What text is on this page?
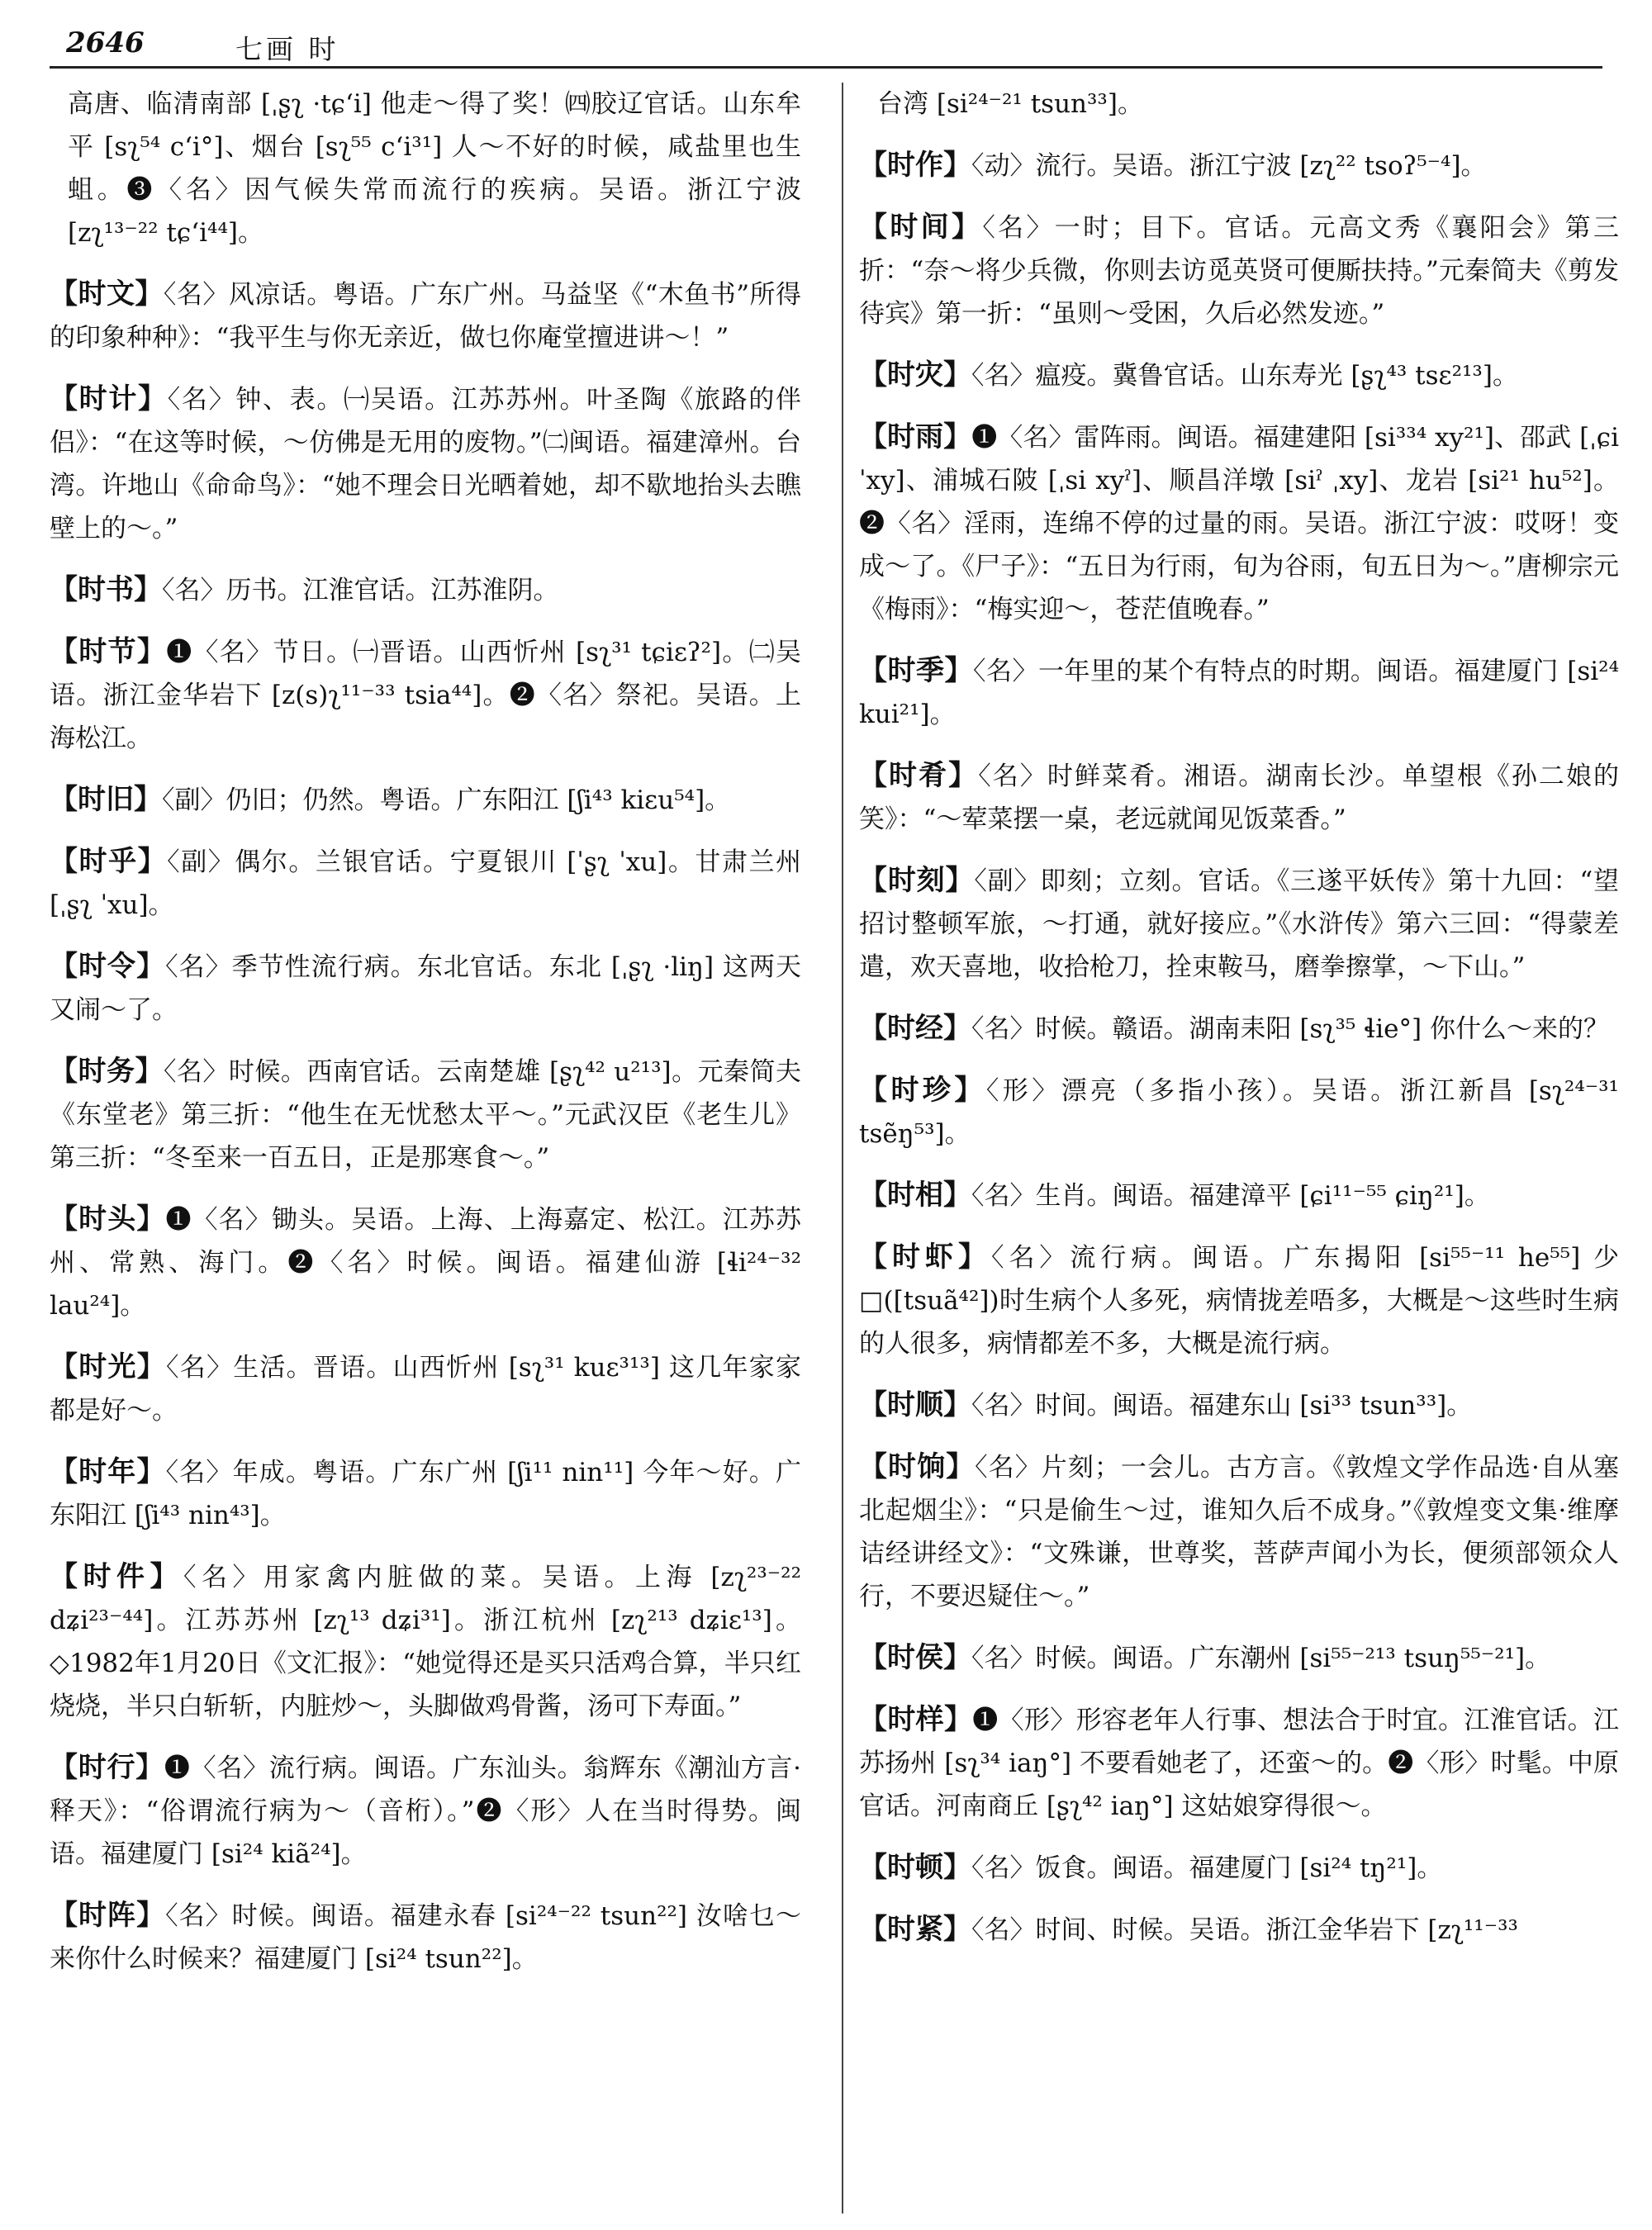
2646	七画 时

高唐、临清南部 [ˌʂʅ ·tɕʻi] 他走～得了奖！㈣胶辽官话。山东牟平 [sʅ⁵⁴ cʻi°]、烟台 [sʅ⁵⁵ cʻi³¹] 人～不好的时候，咸盐里也生蛆。❸〈名〉因气候失常而流行的疾病。吴语。浙江宁波 [zʅ¹³⁻²² tɕʻi⁴⁴]。

【时文】〈名〉风凉话。粤语。广东广州。马益坚《“木鱼书”所得的印象种种》：“我平生与你无亲近，做乜你庵堂擅进讲～！”

【时计】〈名〉钟、表。㈠吴语。江苏苏州。叶圣陶《旅路的伴侣》：“在这等时候，～仿佛是无用的废物。”㈡闽语。福建漳州。台湾。许地山《命命鸟》：“她不理会日光晒着她，却不歇地抬头去瞧壁上的～。”

【时书】〈名〉历书。江淮官话。江苏淮阴。

【时节】❶〈名〉节日。㈠晋语。山西忻州 [sʅ³¹ tɕiɛʔ²]。㈡吴语。浙江金华岩下 [z(s)ʅ¹¹⁻³³ tsia⁴⁴]。❷〈名〉祭祀。吴语。上海松江。

【时旧】〈副〉仍旧；仍然。粤语。广东阳江 [ʃi⁴³ kiɛu⁵⁴]。

【时乎】〈副〉偶尔。兰银官话。宁夏银川 [ˈʂʅ ˈxu]。甘肃兰州 [ˌʂʅ ˈxu]。

【时令】〈名〉季节性流行病。东北官话。东北 [ˌʂʅ ·liŋ] 这两天又闹～了。

【时务】〈名〉时候。西南官话。云南楚雄 [ʂʅ⁴² u²¹³]。元秦简夫《东堂老》第三折：“他生在无忧愁太平～。”元武汉臣《老生儿》第三折：“冬至来一百五日，正是那寒食～。”

【时头】❶〈名〉锄头。吴语。上海、上海嘉定、松江。江苏苏州、常熟、海门。❷〈名〉时候。闽语。福建仙游 [ɬi²⁴⁻³² lau²⁴]。

【时光】〈名〉生活。晋语。山西忻州 [sʅ³¹ kuɛ³¹³] 这几年家家都是好～。

【时年】〈名〉年成。粤语。广东广州 [ʃi¹¹ nin¹¹] 今年～好。广东阳江 [ʃi⁴³ nin⁴³]。

【时件】〈名〉用家禽内脏做的菜。吴语。上海 [zʅ²³⁻²² dʑi²³⁻⁴⁴]。江苏苏州 [zʅ¹³ dʑi³¹]。浙江杭州 [zʅ²¹³ dʑiɛ¹³]。◇1982年1月20日《文汇报》：“她觉得还是买只活鸡合算，半只红烧烧，半只白斩斩，内脏炒～，头脚做鸡骨酱，汤可下寿面。”

【时行】❶〈名〉流行病。闽语。广东汕头。翁辉东《潮汕方言·释天》：“俗谓流行病为～（音桁）。”❷〈形〉人在当时得势。闽语。福建厦门 [si²⁴ kiã²⁴]。

【时阵】〈名〉时候。闽语。福建永春 [si²⁴⁻²² tsun²²] 汝啥乜～来你什么时候来？福建厦门 [si²⁴ tsun²²]。

台湾 [si²⁴⁻²¹ tsun³³]。

【时作】〈动〉流行。吴语。浙江宁波 [zʅ²² tsoʔ⁵⁻⁴]。

【时间】〈名〉一时；目下。官话。元高文秀《襄阳会》第三折：“奈～将少兵微，你则去访觅英贤可便厮扶持。”元秦简夫《剪发待宾》第一折：“虽则～受困，久后必然发迹。”

【时灾】〈名〉瘟疫。冀鲁官话。山东寿光 [ʂʅ⁴³ tsɛ²¹³]。

【时雨】❶〈名〉雷阵雨。闽语。福建建阳 [si³³⁴ xy²¹]、邵武 [ˌɕi ˈxy]、浦城石陂 [ˌsi xyˀ]、顺昌洋墩 [siˀ ˌxy]、龙岩 [si²¹ hu⁵²]。❷〈名〉淫雨，连绵不停的过量的雨。吴语。浙江宁波：哎呀！变成～了。《尸子》：“五日为行雨，旬为谷雨，旬五日为～。”唐柳宗元《梅雨》：“梅实迎～，苍茫值晚春。”

【时季】〈名〉一年里的某个有特点的时期。闽语。福建厦门 [si²⁴ kui²¹]。

【时肴】〈名〉时鲜菜肴。湘语。湖南长沙。单望根《孙二娘的笑》：“～荤菜摆一桌，老远就闻见饭菜香。”

【时刻】〈副〉即刻；立刻。官话。《三遂平妖传》第十九回：“望招讨整顿军旅，～打通，就好接应。”《水浒传》第六三回：“得蒙差遣，欢天喜地，收拾枪刀，拴束鞍马，磨拳擦掌，～下山。”

【时经】〈名〉时候。赣语。湖南耒阳 [sʅ³⁵ ɬie°] 你什么～来的？

【时珍】〈形〉漂亮（多指小孩）。吴语。浙江新昌 [sʅ²⁴⁻³¹ tsẽŋ⁵³]。

【时相】〈名〉生肖。闽语。福建漳平 [ɕi¹¹⁻⁵⁵ ɕiŋ²¹]。

【时虾】〈名〉流行病。闽语。广东揭阳 [si⁵⁵⁻¹¹ he⁵⁵] 少□([tsuã⁴²])时生病个人多死，病情拢差唔多，大概是～这些时生病的人很多，病情都差不多，大概是流行病。

【时顺】〈名〉时间。闽语。福建东山 [si³³ tsun³³]。

【时饷】〈名〉片刻；一会儿。古方言。《敦煌文学作品选·自从塞北起烟尘》：“只是偷生～过，谁知久后不成身。”《敦煌变文集·维摩诘经讲经文》：“文殊谦，世尊奖，菩萨声闻小为长，便须部领众人行，不要迟疑住～。”

【时侯】〈名〉时候。闽语。广东潮州 [si⁵⁵⁻²¹³ tsuŋ⁵⁵⁻²¹]。

【时样】❶〈形〉形容老年人行事、想法合于时宜。江淮官话。江苏扬州 [sʅ³⁴ iaŋ°] 不要看她老了，还蛮～的。❷〈形〉时髦。中原官话。河南商丘 [ʂʅ⁴² iaŋ°] 这姑娘穿得很～。

【时顿】〈名〉饭食。闽语。福建厦门 [si²⁴ tŋ²¹]。

【时紧】〈名〉时间、时候。吴语。浙江金华岩下 [zʅ¹¹⁻³³
